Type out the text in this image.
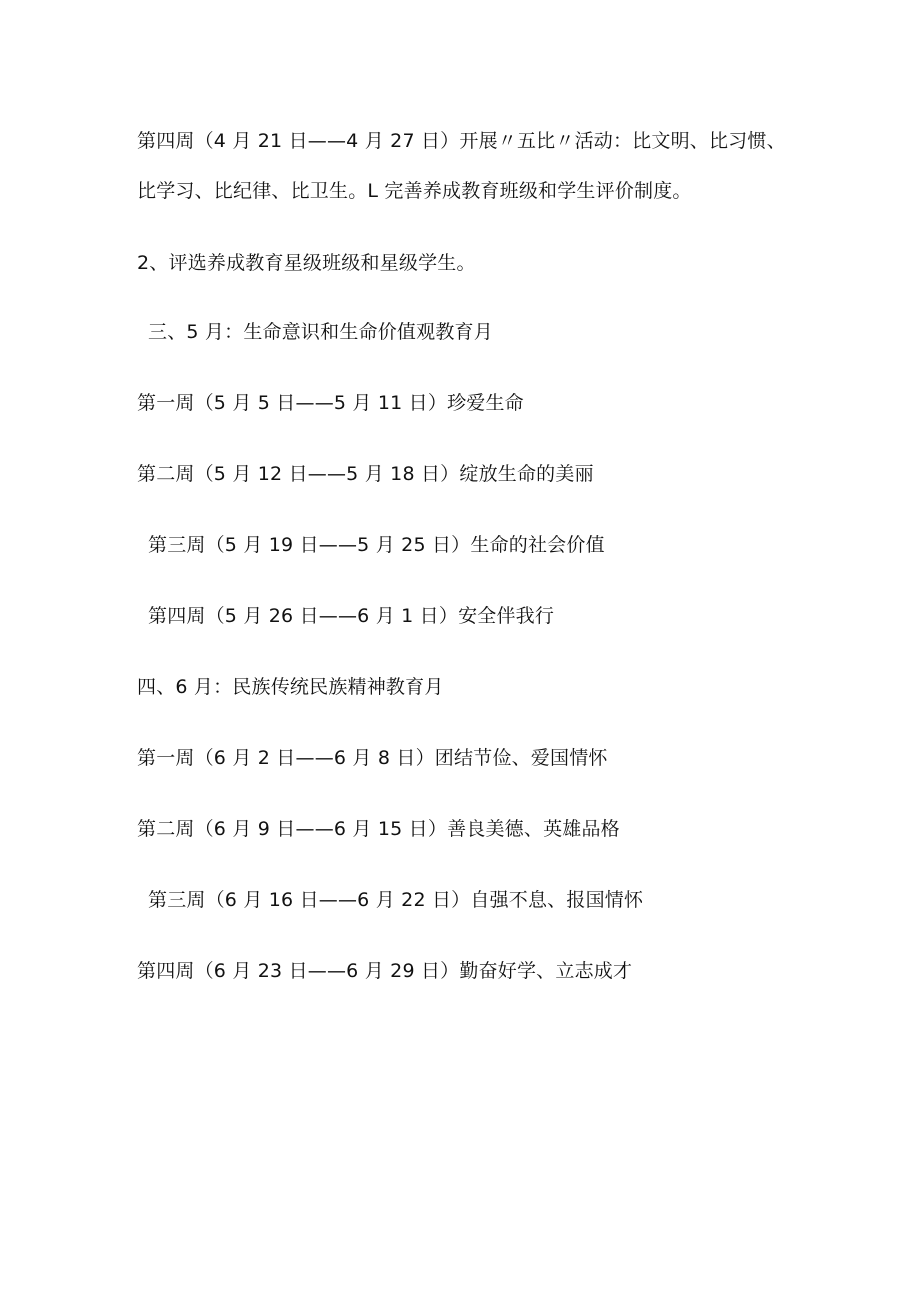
第四周（4 月 21 日——4 月 27 日）开展〃五比〃活动：比文明、比习惯、
比学习、比纪律、比卫生。L 完善养成教育班级和学生评价制度。
2、评选养成教育星级班级和星级学生。
三、5 月：生命意识和生命价值观教育月
第一周（5 月 5 日——5 月 11 日）珍爱生命
第二周（5 月 12 日——5 月 18 日）绽放生命的美丽
第三周（5 月 19 日——5 月 25 日）生命的社会价值
第四周（5 月 26 日——6 月 1 日）安全伴我行
四、6 月：民族传统民族精神教育月
第一周（6 月 2 日——6 月 8 日）团结节俭、爱国情怀
第二周（6 月 9 日——6 月 15 日）善良美德、英雄品格
第三周（6 月 16 日——6 月 22 日）自强不息、报国情怀
第四周（6 月 23 日——6 月 29 日）勤奋好学、立志成才
